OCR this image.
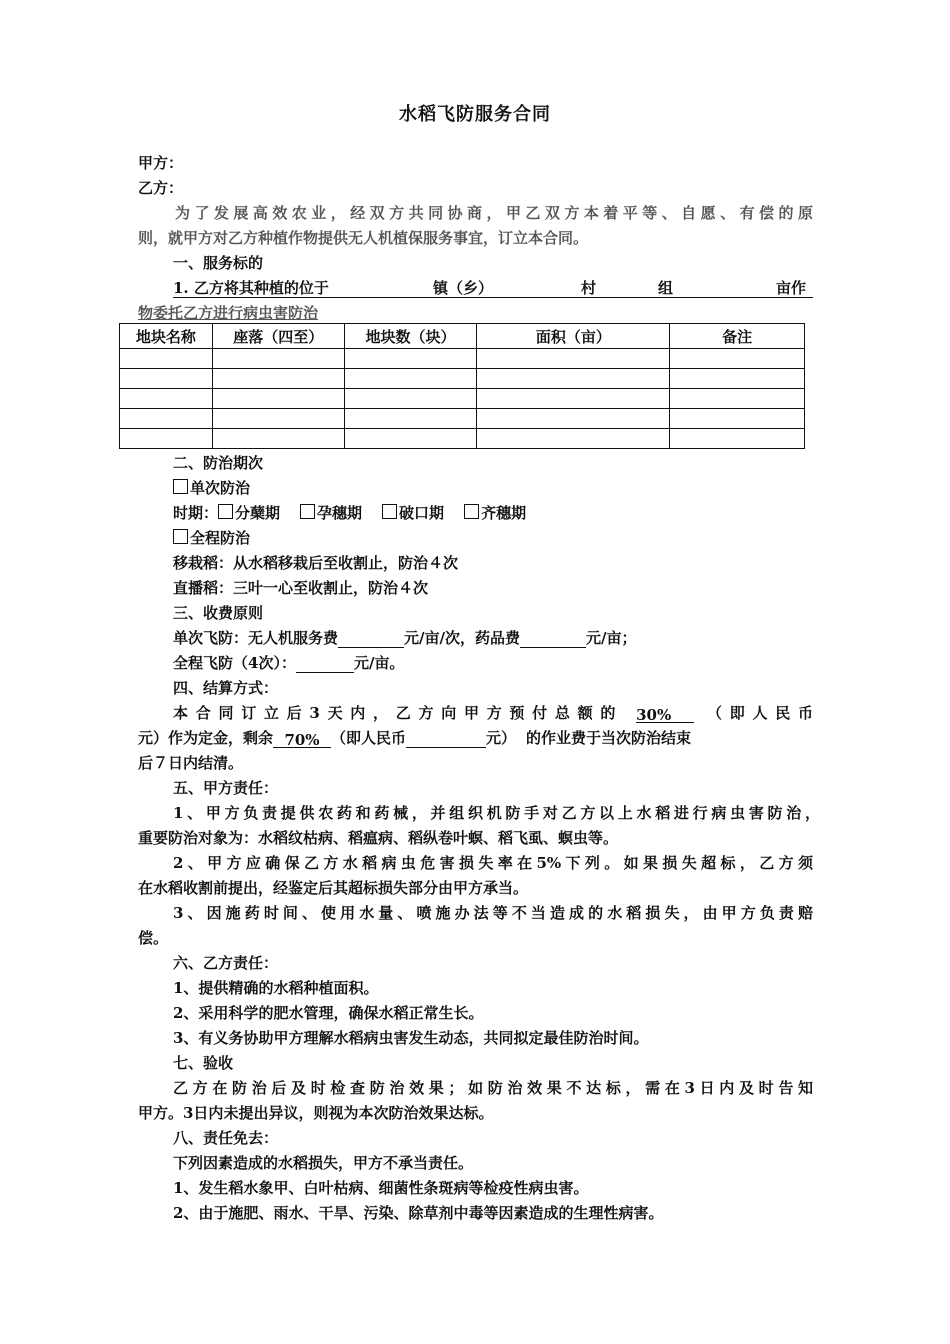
水稻飞防服务合同
甲方：
乙方：
为了发展高效农业，经双方共同协商，甲乙双方本着平等、自愿、有偿的原
则，就甲方对乙方种植作物提供无人机植保服务事宜，订立本合同。
一、服务标的
1. 乙方将其种植的位于	镇（乡）	村	组	亩作
物委托乙方进行病虫害防治
地块名称	座落（四至）	地块数（块）	面积（亩）	备注

二、防治期次
单次防治
时期： 分蘖期 孕穗期 破口期 齐穗期
全程防治
移栽稻：从水稻移栽后至收割止，防治４次
直播稻：三叶一心至收割止，防治４次
三、收费原则
单次飞防：无人机服务费	元/亩/次，药品费	元/亩；
全程飞防（4次）：	元/亩。
四、结算方式：
本合同订立后3天内，乙方向甲方预付总额的 30% （即人民币
元）作为定金，剩余 70% （即人民币	元） 的作业费于当次防治结束
后７日内结清。
五、甲方责任：
1、甲方负责提供农药和药械，并组织机防手对乙方以上水稻进行病虫害防治，
重要防治对象为：水稻纹枯病、稻瘟病、稻纵卷叶螟、稻飞虱、螟虫等。
2、甲方应确保乙方水稻病虫危害损失率在5%下列。如果损失超标，乙方须
在水稻收割前提出，经鉴定后其超标损失部分由甲方承当。
3、因施药时间、使用水量、喷施办法等不当造成的水稻损失，由甲方负责赔
偿。
六、乙方责任：
1、提供精确的水稻种植面积。
2、采用科学的肥水管理，确保水稻正常生长。
3、有义务协助甲方理解水稻病虫害发生动态，共同拟定最佳防治时间。
七、验收
乙方在防治后及时检查防治效果；如防治效果不达标，需在3日内及时告知
甲方。3日内未提出异议，则视为本次防治效果达标。
八、责任免去：
下列因素造成的水稻损失，甲方不承当责任。
1、发生稻水象甲、白叶枯病、细菌性条斑病等检疫性病虫害。
2、由于施肥、雨水、干旱、污染、除草剂中毒等因素造成的生理性病害。
